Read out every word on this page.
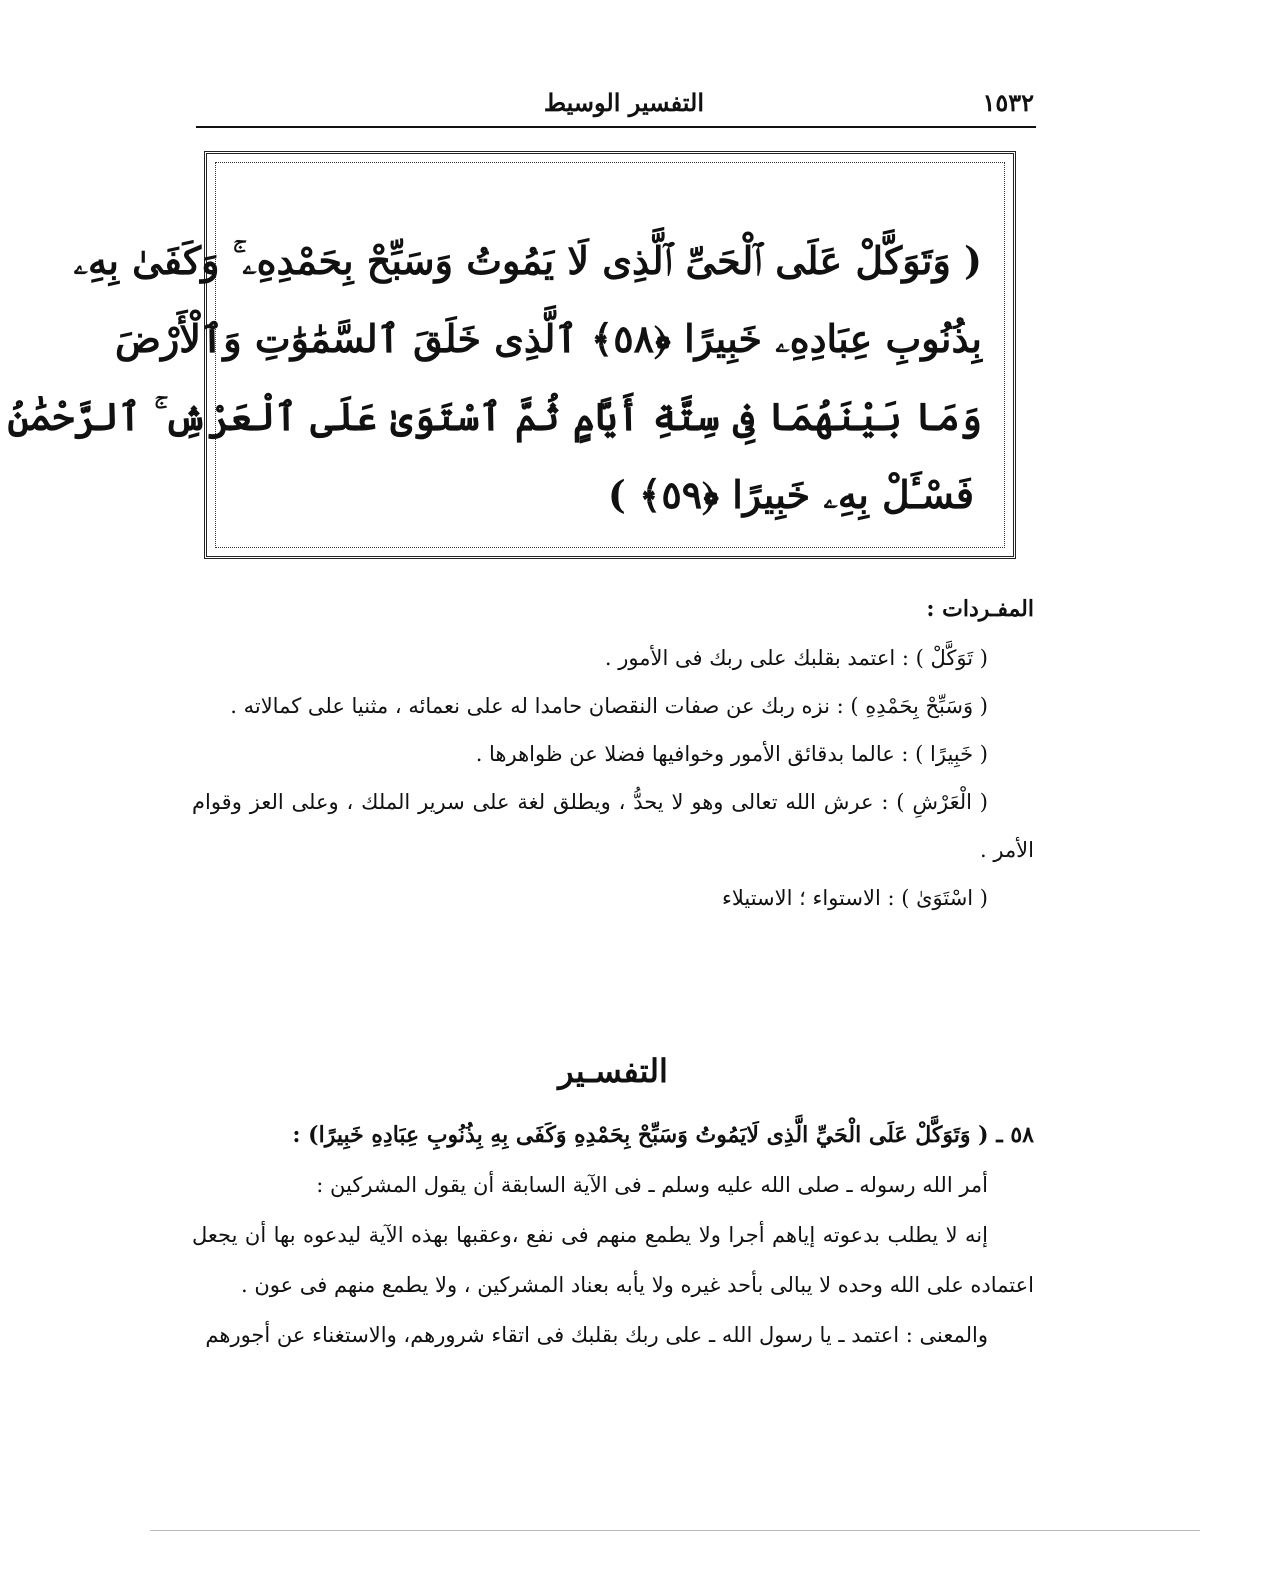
١٥٣٢
التفسير الوسيط
( وَتَوَكَّلْ عَلَى ٱلْحَىِّ ٱلَّذِى لَا يَمُوتُ وَسَبِّحْ بِحَمْدِهِۦ ۚ وَكَفَىٰ بِهِۦ
بِذُنُوبِ عِبَادِهِۦ خَبِيرًا ﴿٥٨﴾ ٱلَّذِى خَلَقَ ٱلسَّمَٰوَٰتِ وَٱلْأَرْضَ
وَمَا بَيْنَهُمَا فِى سِتَّةِ أَيَّامٍ ثُمَّ ٱسْتَوَىٰ عَلَى ٱلْعَرْشِ ۚ ٱلرَّحْمَٰنُ
فَسْـَٔلْ بِهِۦ خَبِيرًا ﴿٥٩﴾ )
المفـردات :
( تَوَكَّلْ ) : اعتمد بقلبك على ربك فى الأمور .
( وَسَبِّحْ بِحَمْدِهِ ) : نزه ربك عن صفات النقصان حامدا له على نعمائه ، مثنيا على كمالاته .
( خَبِيرًا ) : عالما بدقائق الأمور وخوافيها فضلا عن ظواهرها .
( الْعَرْشِ ) : عرش الله تعالى وهو لا يحدُّ ، ويطلق لغة على سرير الملك ، وعلى العز وقوام الأمر .
( اسْتَوَىٰ ) : الاستواء ؛ الاستيلاء
التفسـير

٥٨ ـ ( وَتَوَكَّلْ عَلَى الْحَيِّ الَّذِى لَايَمُوتُ وَسَبِّحْ بِحَمْدِهِ وَكَفَى بِهِ بِذُنُوبِ عِبَادِهِ خَبِيرًا) :

أمر الله رسوله ـ صلى الله عليه وسلم ـ فى الآية السابقة أن يقول المشركين :

إنه لا يطلب بدعوته إياهم أجرا ولا يطمع منهم فى نفع ،وعقبها بهذه الآية ليدعوه بها أن يجعل اعتماده على الله وحده لا يبالى بأحد غيره ولا يأبه بعناد المشركين ، ولا يطمع منهم فى عون .

والمعنى : اعتمد ـ يا رسول الله ـ على ربك بقلبك فى اتقاء شرورهم، والاستغناء عن أجورهم
